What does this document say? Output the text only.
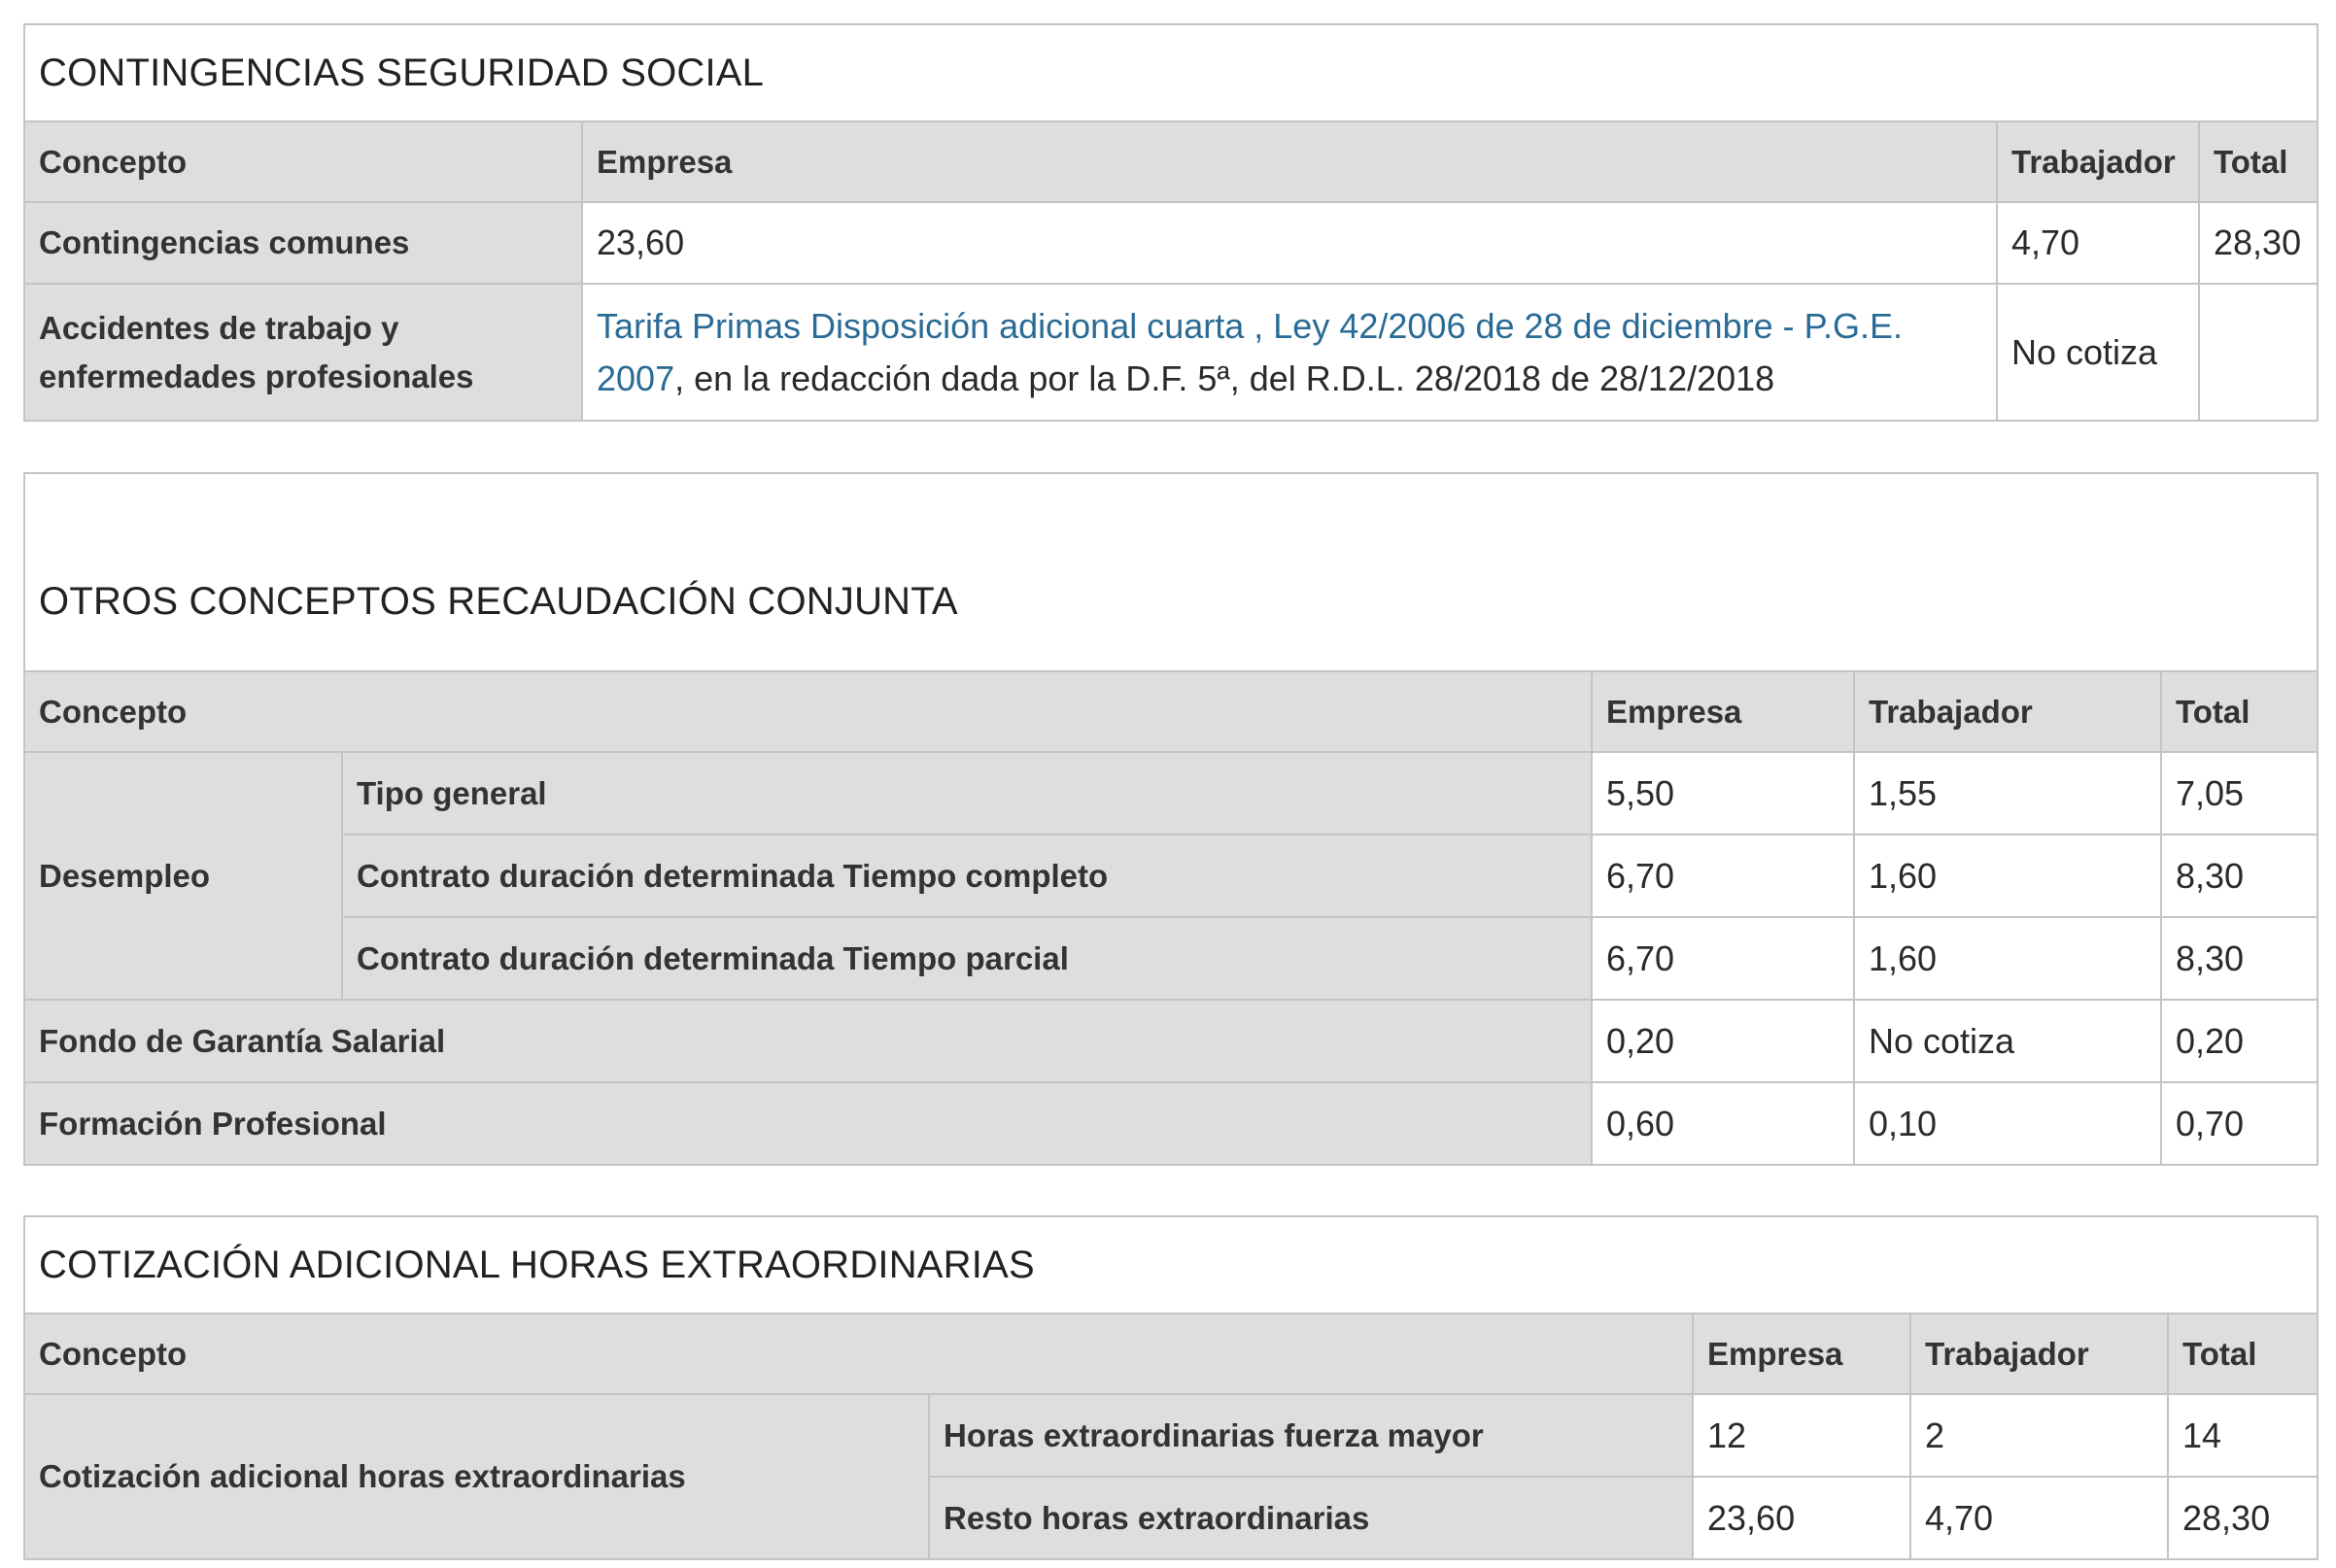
CONTINGENCIAS SEGURIDAD SOCIAL			
Concepto	Empresa	Trabajador	Total
Contingencias comunes	23,60	4,70	28,30
Accidentes de trabajo y enfermedades profesionales	Tarifa Primas Disposición adicional cuarta , Ley 42/2006 de 28 de diciembre - P.G.E. 2007, en la redacción dada por la D.F. 5ª, del R.D.L. 28/2018 de 28/12/2018	No cotiza	
OTROS CONCEPTOS RECAUDACIÓN CONJUNTA				
Concepto		Empresa	Trabajador	Total
Desempleo	Tipo general	5,50	1,55	7,05
	Contrato duración determinada Tiempo completo	6,70	1,60	8,30
	Contrato duración determinada Tiempo parcial	6,70	1,60	8,30
Fondo de Garantía Salarial		0,20	No cotiza	0,20
Formación Profesional		0,60	0,10	0,70
COTIZACIÓN ADICIONAL HORAS EXTRAORDINARIAS				
Concepto		Empresa	Trabajador	Total
Cotización adicional horas extraordinarias	Horas extraordinarias fuerza mayor	12	2	14
	Resto horas extraordinarias	23,60	4,70	28,30
